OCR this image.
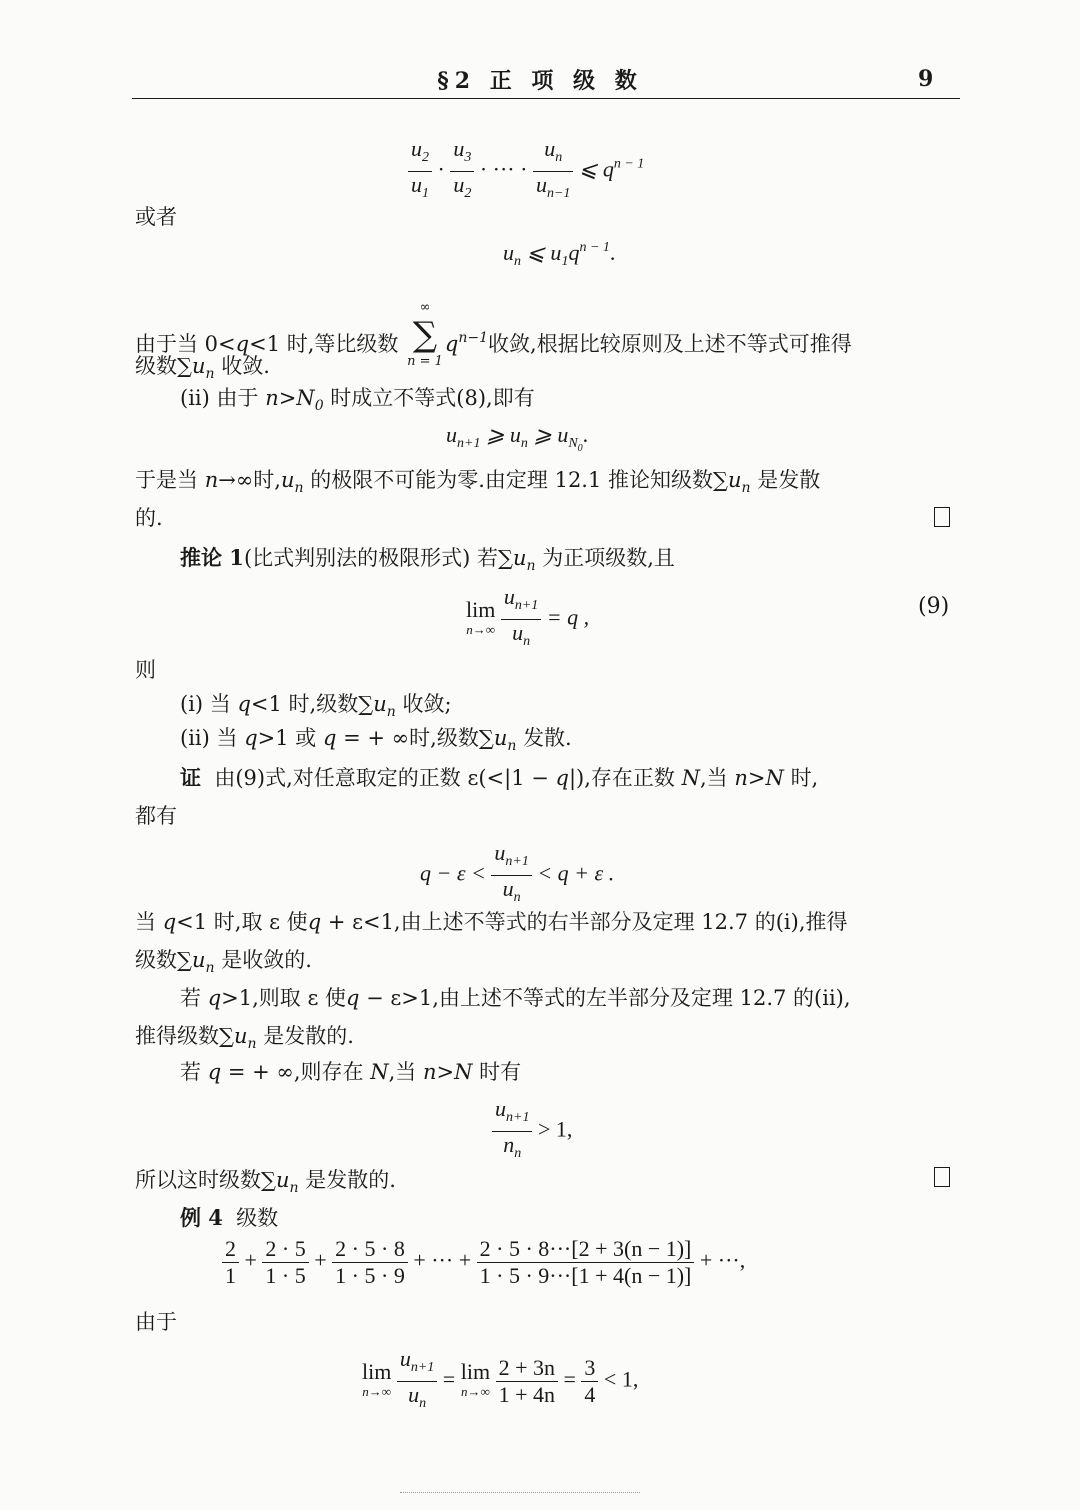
§2 正 项 级 数	9
$\frac{u_2}{u_1} \cdot \frac{u_3}{u_2}$ · ··· · $\frac{u_n}{u_{n-1}}$ ⩽ $q^{n - 1}$
或者
$u_n$ ⩽ $u_1q^{n - 1}$.
由于当 0<q<1 时,等比级数
∞
∑
n = 1
$q^{n-1}$收敛,根据比较原则及上述不等式可推得
级数$\sum u_n$ 收敛.
(ii) 由于 $n>N_0$ 时成立不等式(8),即有
$u_{n+1}$ ⩾ $u_n$ ⩾ $u_{N_0}$.
于是当 n→∞时$,u_n$ 的极限不可能为零.由定理 12.1 推论知级数$\sum u_n$ 是发散
的.
推论 1(比式判别法的极限形式) 若$\sum u_n$ 为正项级数,且
lim
n→∞
$\frac{u_{n+1}}{u_n} = q$ ,	(9)
则
(i) 当 q<1 时,级数$\sum u_n$ 收敛;
(ii) 当 q>1 或 q = + ∞时,级数$\sum u_n$ 发散.
证 由(9)式,对任意取定的正数 ε(<|1 − q|),存在正数 N,当 n>N 时,
都有
$q - \varepsilon < \frac{u_{n+1}}{u_n} < q + \varepsilon$ .
当 q<1 时,取 ε 使q + ε<1,由上述不等式的右半部分及定理 12.7 的(i),推得
级数$\sum u_n$ 是收敛的.
若 q>1,则取 ε 使q − ε>1,由上述不等式的左半部分及定理 12.7 的(ii),
推得级数$\sum u_n$ 是发散的.
若 q = + ∞,则存在 N,当 n>N 时有
$\frac{u_{n+1}}{n_n} > 1$,
所以这时级数$\sum u_n$ 是发散的.
例 4 级数
$\frac{2}{1} + \frac{2 \cdot 5}{1 \cdot 5} + \frac{2 \cdot 5 \cdot 8}{1 \cdot 5 \cdot 9}$ + ··· + $\frac{2 \cdot 5 \cdot 8\cdot\cdot\cdot[2 + 3(n - 1)]}{1 \cdot 5 \cdot 9\cdot\cdot\cdot[1 + 4(n - 1)]}$ + ···,
由于
lim
n→∞
$\frac{u_{n+1}}{u_n} = \lim$
n→∞
$\frac{2 + 3n}{1 + 4n} = \frac{3}{4} < 1$,
